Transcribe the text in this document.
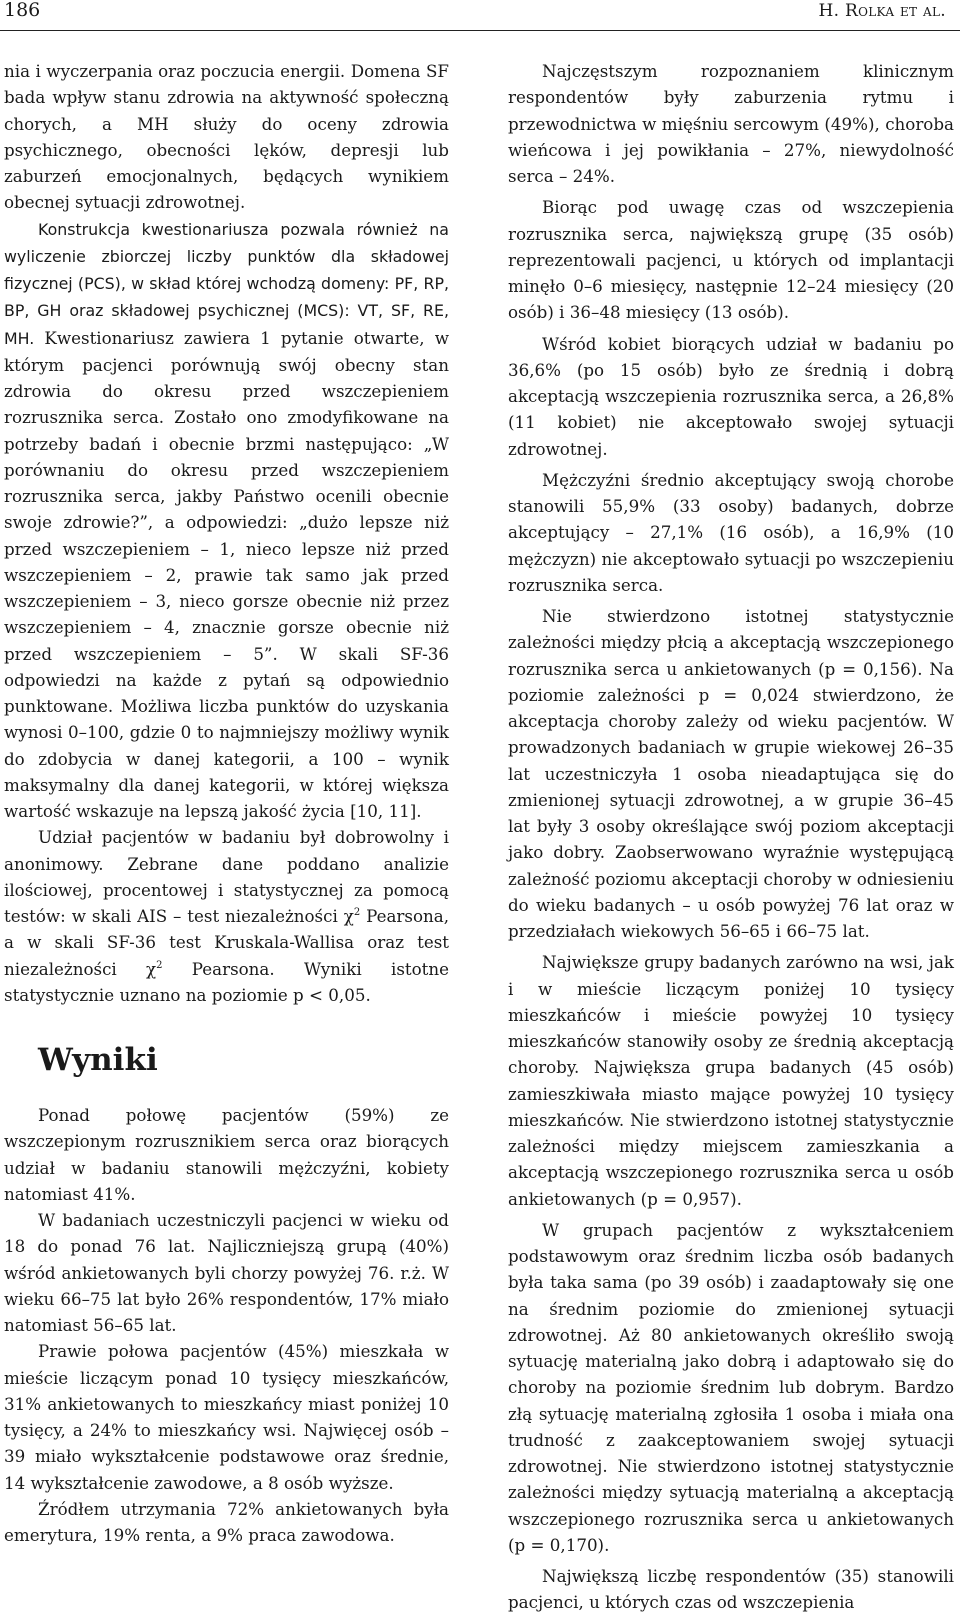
186	H. Rolka et al.

nia i wyczerpania oraz poczucia energii. Domena SF bada wpływ stanu zdrowia na aktywność społeczną chorych, a MH służy do oceny zdrowia psychicznego, obecności lęków, depresji lub zaburzeń emocjonalnych, będących wynikiem obecnej sytuacji zdrowotnej.

Konstrukcja kwestionariusza pozwala również na wyliczenie zbiorczej liczby punktów dla składowej fizycznej (PCS), w skład której wchodzą domeny: PF, RP, BP, GH oraz składowej psychicznej (MCS): VT, SF, RE, MH. Kwestionariusz zawiera 1 pytanie otwarte, w którym pacjenci porównują swój obecny stan zdrowia do okresu przed wszczepieniem rozrusznika serca. Zostało ono zmodyfikowane na potrzeby badań i obecnie brzmi następująco: „W porównaniu do okresu przed wszczepieniem rozrusznika serca, jakby Państwo ocenili obecnie swoje zdrowie?”, a odpowiedzi: „dużo lepsze niż przed wszczepieniem – 1, nieco lepsze niż przed wszczepieniem – 2, prawie tak samo jak przed wszczepieniem – 3, nieco gorsze obecnie niż przez wszczepieniem – 4, znacznie gorsze obecnie niż przed wszczepieniem – 5”. W skali SF-36 odpowiedzi na każde z pytań są odpowiednio punktowane. Możliwa liczba punktów do uzyskania wynosi 0–100, gdzie 0 to najmniejszy możliwy wynik do zdobycia w danej kategorii, a 100 – wynik maksymalny dla danej kategorii, w której większa wartość wskazuje na lepszą jakość życia [10, 11].

Udział pacjentów w badaniu był dobrowolny i anonimowy. Zebrane dane poddano analizie ilościowej, procentowej i statystycznej za pomocą testów: w skali AIS – test niezależności $\chi^2$ Pearsona, a w skali SF-36 test Kruskala-Wallisa oraz test niezależności $\chi^2$ Pearsona. Wyniki istotne statystycznie uznano na poziomie p < 0,05.

Wyniki

Ponad połowę pacjentów (59%) ze wszczepionym rozrusznikiem serca oraz biorących udział w badaniu stanowili mężczyźni, kobiety natomiast 41%.

W badaniach uczestniczyli pacjenci w wieku od 18 do ponad 76 lat. Najliczniejszą grupą (40%) wśród ankietowanych byli chorzy powyżej 76. r.ż. W wieku 66–75 lat było 26% respondentów, 17% miało natomiast 56–65 lat.

Prawie połowa pacjentów (45%) mieszkała w mieście liczącym ponad 10 tysięcy mieszkańców, 31% ankietowanych to mieszkańcy miast poniżej 10 tysięcy, a 24% to mieszkańcy wsi. Najwięcej osób – 39 miało wykształcenie podstawowe oraz średnie, 14 wykształcenie zawodowe, a 8 osób wyższe.

Źródłem utrzymania 72% ankietowanych była emerytura, 19% renta, a 9% praca zawodowa.

Najczęstszym rozpoznaniem klinicznym respondentów były zaburzenia rytmu i przewodnictwa w mięśniu sercowym (49%), choroba wieńcowa i jej powikłania – 27%, niewydolność serca – 24%.

Biorąc pod uwagę czas od wszczepienia rozrusznika serca, największą grupę (35 osób) reprezentowali pacjenci, u których od implantacji minęło 0–6 miesięcy, następnie 12–24 miesięcy (20 osób) i 36–48 miesięcy (13 osób).

Wśród kobiet biorących udział w badaniu po 36,6% (po 15 osób) było ze średnią i dobrą akceptacją wszczepienia rozrusznika serca, a 26,8% (11 kobiet) nie akceptowało swojej sytuacji zdrowotnej.

Mężczyźni średnio akceptujący swoją chorobe stanowili 55,9% (33 osoby) badanych, dobrze akceptujący – 27,1% (16 osób), a 16,9% (10 mężczyzn) nie akceptowało sytuacji po wszczepieniu rozrusznika serca.

Nie stwierdzono istotnej statystycznie zależności między płcią a akceptacją wszczepionego rozrusznika serca u ankietowanych (p = 0,156). Na poziomie zależności p = 0,024 stwierdzono, że akceptacja choroby zależy od wieku pacjentów. W prowadzonych badaniach w grupie wiekowej 26–35 lat uczestniczyła 1 osoba nieadaptująca się do zmienionej sytuacji zdrowotnej, a w grupie 36–45 lat były 3 osoby określające swój poziom akceptacji jako dobry. Zaobserwowano wyraźnie występującą zależność poziomu akceptacji choroby w odniesieniu do wieku badanych – u osób powyżej 76 lat oraz w przedziałach wiekowych 56–65 i 66–75 lat.

Największe grupy badanych zarówno na wsi, jak i w mieście liczącym poniżej 10 tysięcy mieszkańców i mieście powyżej 10 tysięcy mieszkańców stanowiły osoby ze średnią akceptacją choroby. Największa grupa badanych (45 osób) zamieszkiwała miasto mające powyżej 10 tysięcy mieszkańców. Nie stwierdzono istotnej statystycznie zależności między miejscem zamieszkania a akceptacją wszczepionego rozrusznika serca u osób ankietowanych (p = 0,957).

W grupach pacjentów z wykształceniem podstawowym oraz średnim liczba osób badanych była taka sama (po 39 osób) i zaadaptowały się one na średnim poziomie do zmienionej sytuacji zdrowotnej. Aż 80 ankietowanych określiło swoją sytuację materialną jako dobrą i adaptowało się do choroby na poziomie średnim lub dobrym. Bardzo złą sytuację materialną zgłosiła 1 osoba i miała ona trudność z zaakceptowaniem swojej sytuacji zdrowotnej. Nie stwierdzono istotnej statystycznie zależności między sytuacją materialną a akceptacją wszczepionego rozrusznika serca u ankietowanych (p = 0,170).

Największą liczbę respondentów (35) stanowili pacjenci, u których czas od wszczepienia
